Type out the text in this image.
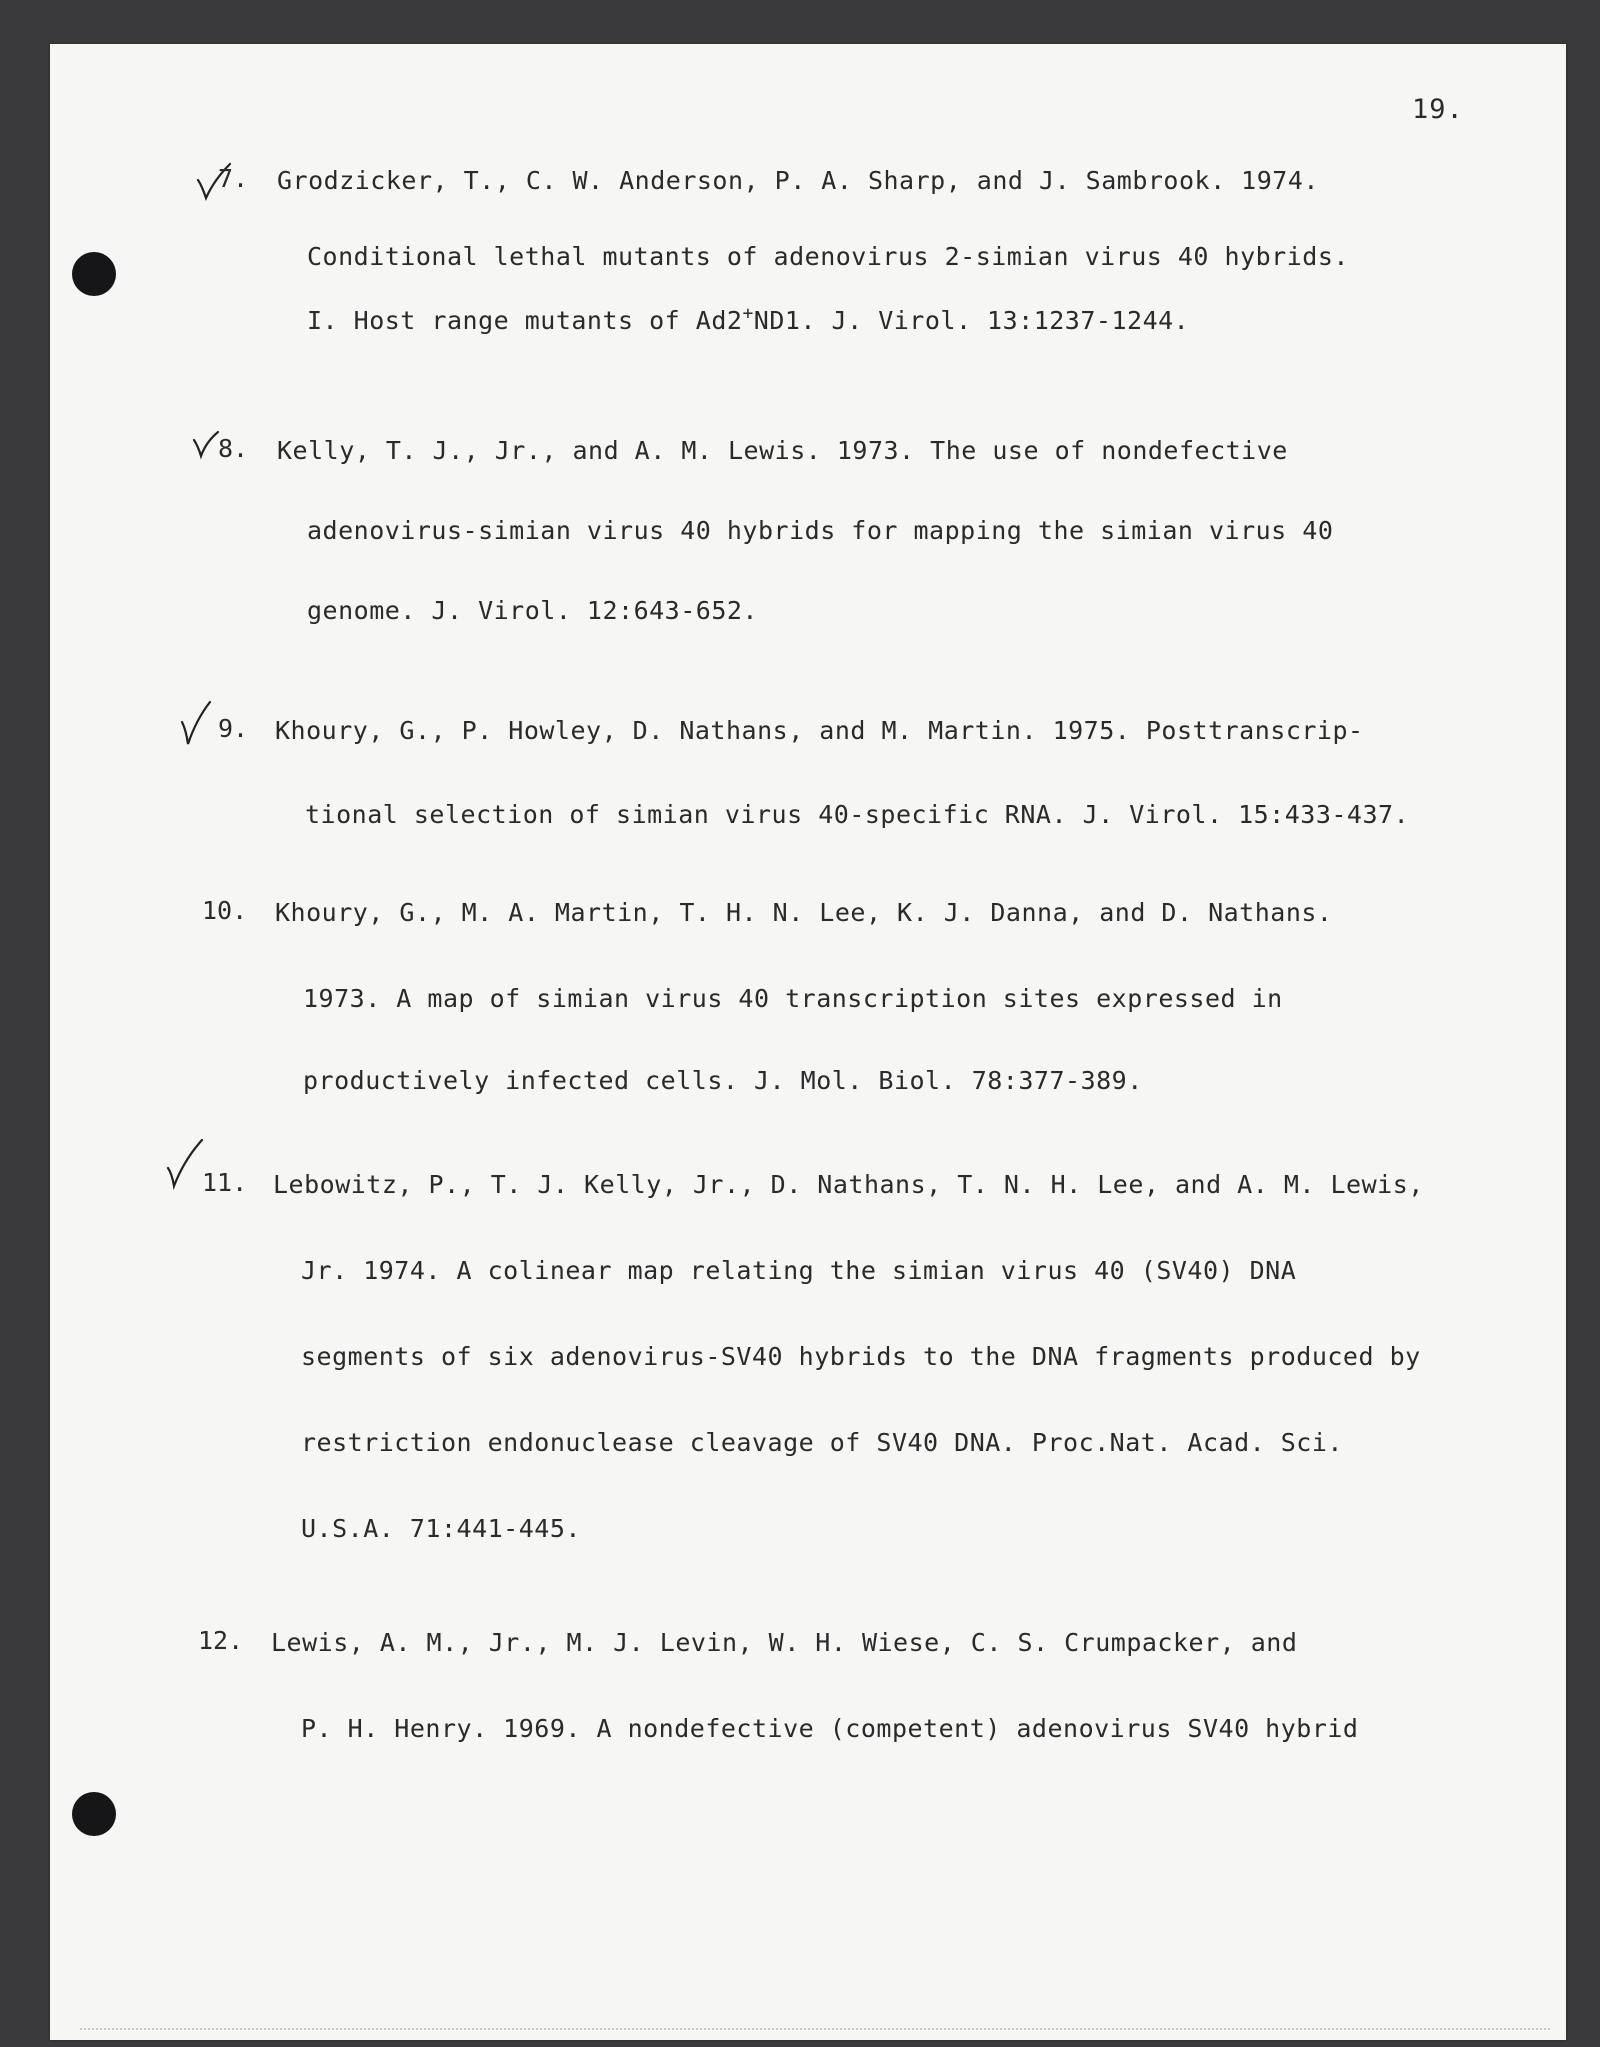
19.
7. Grodzicker, T., C. W. Anderson, P. A. Sharp, and J. Sambrook. 1974.
Conditional lethal mutants of adenovirus 2-simian virus 40 hybrids.
I. Host range mutants of Ad2+ND1. J. Virol. 13:1237-1244.
8. Kelly, T. J., Jr., and A. M. Lewis. 1973. The use of nondefective
adenovirus-simian virus 40 hybrids for mapping the simian virus 40
genome. J. Virol. 12:643-652.
9. Khoury, G., P. Howley, D. Nathans, and M. Martin. 1975. Posttranscrip-
tional selection of simian virus 40-specific RNA. J. Virol. 15:433-437.
10. Khoury, G., M. A. Martin, T. H. N. Lee, K. J. Danna, and D. Nathans.
1973. A map of simian virus 40 transcription sites expressed in
productively infected cells. J. Mol. Biol. 78:377-389.
11. Lebowitz, P., T. J. Kelly, Jr., D. Nathans, T. N. H. Lee, and A. M. Lewis,
Jr. 1974. A colinear map relating the simian virus 40 (SV40) DNA
segments of six adenovirus-SV40 hybrids to the DNA fragments produced by
restriction endonuclease cleavage of SV40 DNA. Proc.Nat. Acad. Sci.
U.S.A. 71:441-445.
12. Lewis, A. M., Jr., M. J. Levin, W. H. Wiese, C. S. Crumpacker, and
P. H. Henry. 1969. A nondefective (competent) adenovirus SV40 hybrid
